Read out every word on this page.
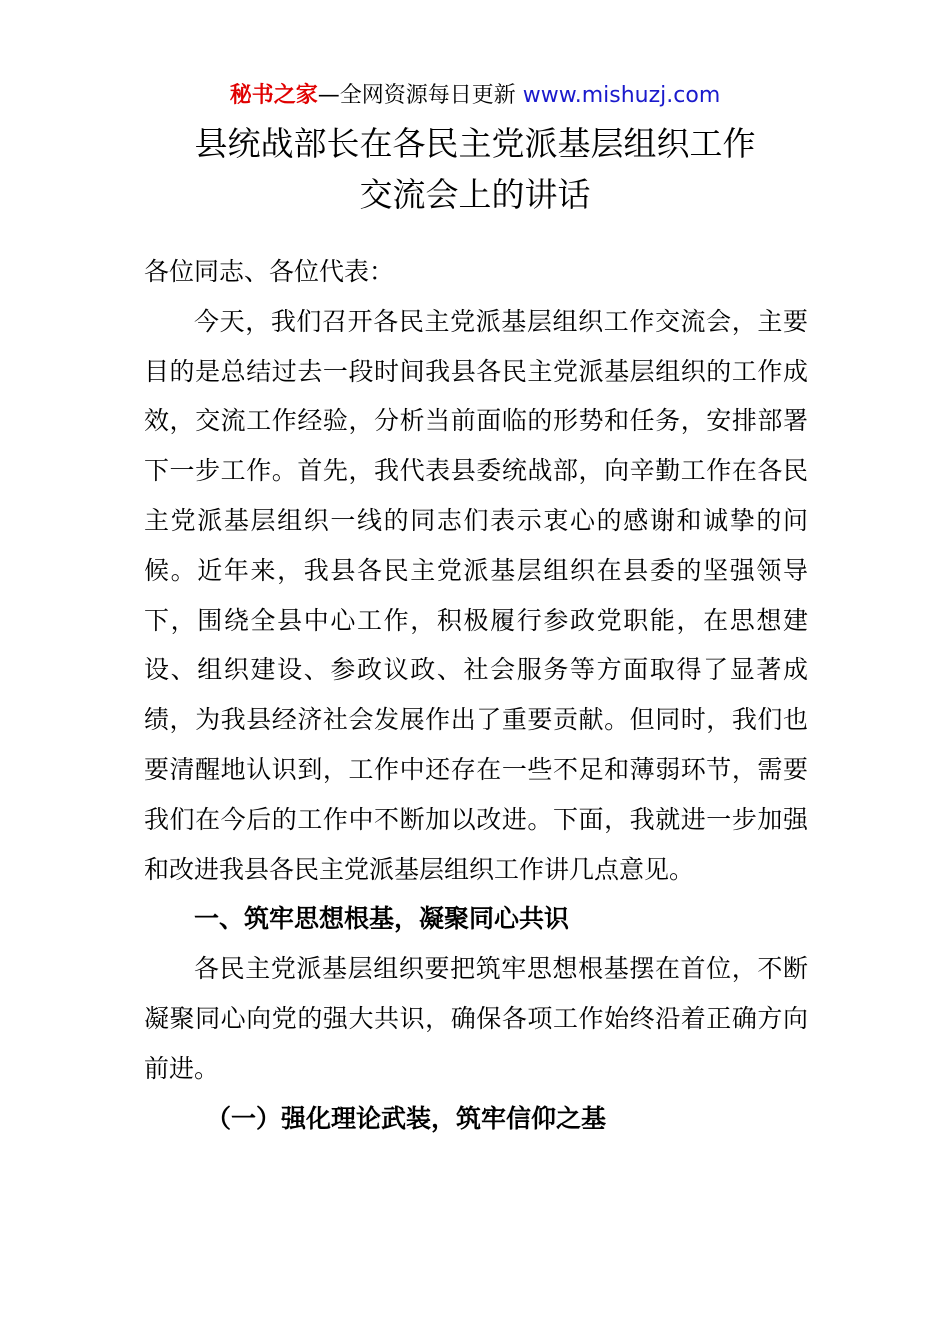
秘书之家—全网资源每日更新 www.mishuzj.com
县统战部长在各民主党派基层组织工作
交流会上的讲话

各位同志、各位代表：

今天，我们召开各民主党派基层组织工作交流会，主要目的是总结过去一段时间我县各民主党派基层组织的工作成效，交流工作经验，分析当前面临的形势和任务，安排部署下一步工作。首先，我代表县委统战部，向辛勤工作在各民主党派基层组织一线的同志们表示衷心的感谢和诚挚的问候。近年来，我县各民主党派基层组织在县委的坚强领导下，围绕全县中心工作，积极履行参政党职能，在思想建设、组织建设、参政议政、社会服务等方面取得了显著成绩，为我县经济社会发展作出了重要贡献。但同时，我们也要清醒地认识到，工作中还存在一些不足和薄弱环节，需要我们在今后的工作中不断加以改进。下面，我就进一步加强和改进我县各民主党派基层组织工作讲几点意见。

一、筑牢思想根基，凝聚同心共识

各民主党派基层组织要把筑牢思想根基摆在首位，不断凝聚同心向党的强大共识，确保各项工作始终沿着正确方向前进。

（一）强化理论武装，筑牢信仰之基
